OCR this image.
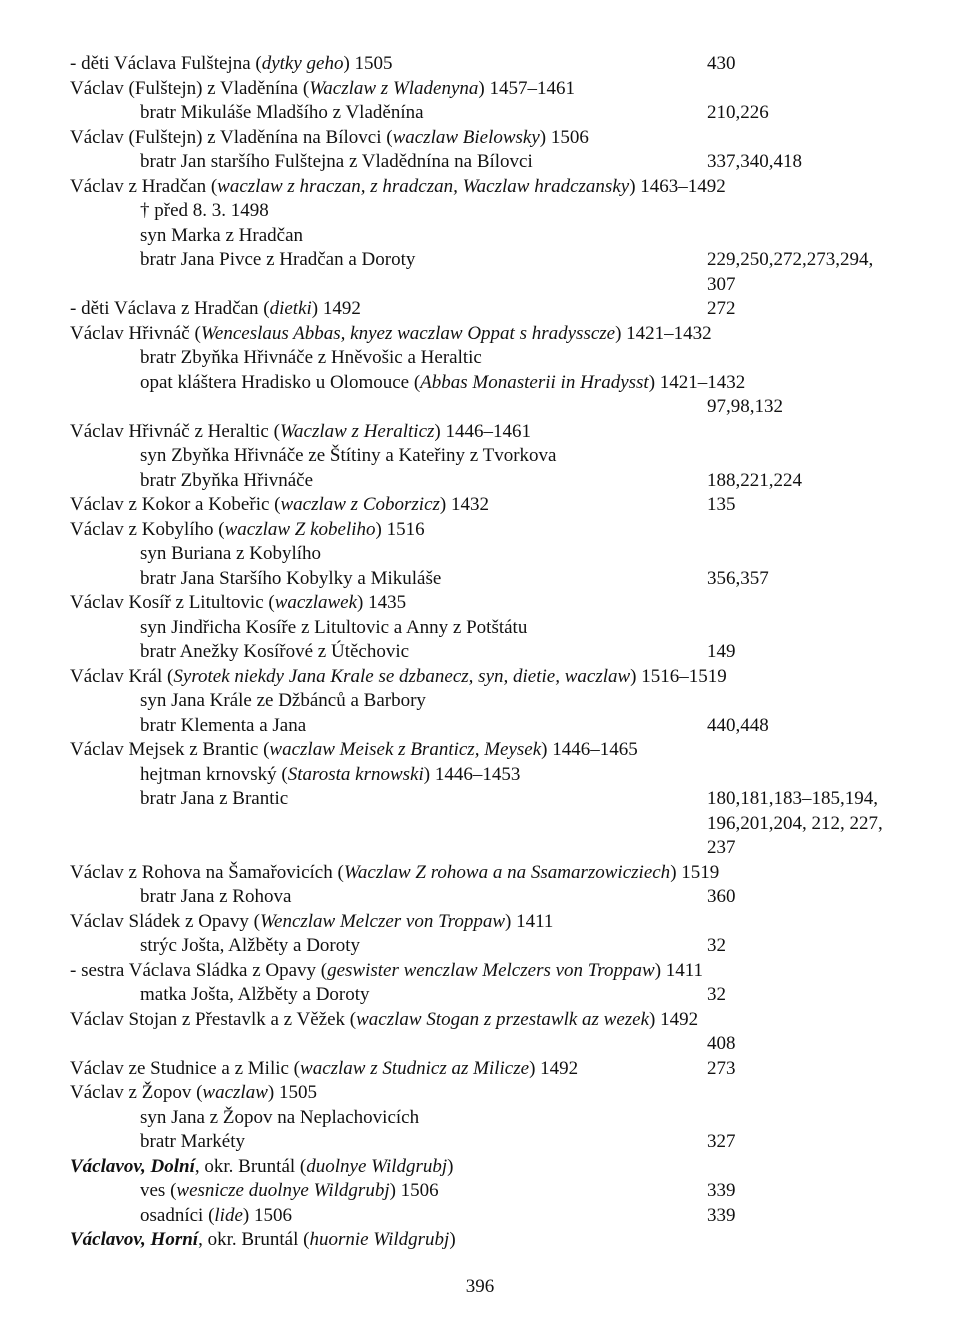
- děti Václava Fulštejna (dytky geho) 1505	430
Václav (Fulštejn) z Vladěnína (Waczlaw z Wladenyna) 1457–1461
bratr Mikuláše Mladšího z Vladěnína	210,226
Václav (Fulštejn) z Vladěnína na Bílovci (waczlaw Bielowsky) 1506
bratr Jan staršího Fulštejna z Vladědnína na Bílovci	337,340,418
Václav z Hradčan (waczlaw z hraczan, z hradczan, Waczlaw hradczansky) 1463–1492
† před 8. 3. 1498
syn Marka z Hradčan
bratr Jana Pivce z Hradčan a Doroty	229,250,272,273,294,
307
- děti Václava z Hradčan (dietki) 1492	272
Václav Hřivnáč (Wenceslaus Abbas, knyez waczlaw Oppat s hradysscze) 1421–1432
bratr Zbyňka Hřivnáče z Hněvošic a Heraltic
opat kláštera Hradisko u Olomouce (Abbas Monasterii in Hradysst) 1421–1432
97,98,132
Václav Hřivnáč z Heraltic (Waczlaw z Heralticz) 1446–1461
syn Zbyňka Hřivnáče ze Štítiny a Kateřiny z Tvorkova
bratr Zbyňka Hřivnáče	188,221,224
Václav z Kokor a Kobeřic (waczlaw z Coborzicz) 1432	135
Václav z Kobylího (waczlaw Z kobeliho) 1516
syn Buriana z Kobylího
bratr Jana Staršího Kobylky a Mikuláše	356,357
Václav Kosíř z Litultovic (waczlawek) 1435
syn Jindřicha Kosíře z Litultovic a Anny z Potštátu
bratr Anežky Kosířové z Útěchovic	149
Václav Král (Syrotek niekdy Jana Krale se dzbanecz, syn, dietie, waczlaw) 1516–1519
syn Jana Krále ze Džbánců a Barbory
bratr Klementa a Jana	440,448
Václav Mejsek z Brantic (waczlaw Meisek z Branticz, Meysek) 1446–1465
hejtman krnovský (Starosta krnowski) 1446–1453
bratr Jana z Brantic	180,181,183–185,194,
196,201,204, 212, 227,
237
Václav z Rohova na Šamařovicích (Waczlaw Z rohowa a na Ssamarzowicziech) 1519
bratr Jana z Rohova	360
Václav Sládek z Opavy (Wenczlaw Melczer von Troppaw) 1411
strýc Jošta, Alžběty a Doroty	32
- sestra Václava Sládka z Opavy (geswister wenczlaw Melczers von Troppaw) 1411
matka Jošta, Alžběty a Doroty	32
Václav Stojan z Přestavlk a z Věžek (waczlaw Stogan z przestawlk az wezek) 1492
408
Václav ze Studnice a z Milic (waczlaw z Studnicz az Milicze) 1492	273
Václav z Žopov (waczlaw) 1505
syn Jana z Žopov na Neplachovicích
bratr Markéty	327
Václavov, Dolní, okr. Bruntál (duolnye Wildgrubj)
ves (wesnicze duolnye Wildgrubj) 1506	339
osadníci (lide) 1506	339
Václavov, Horní, okr. Bruntál (huornie Wildgrubj)
396
